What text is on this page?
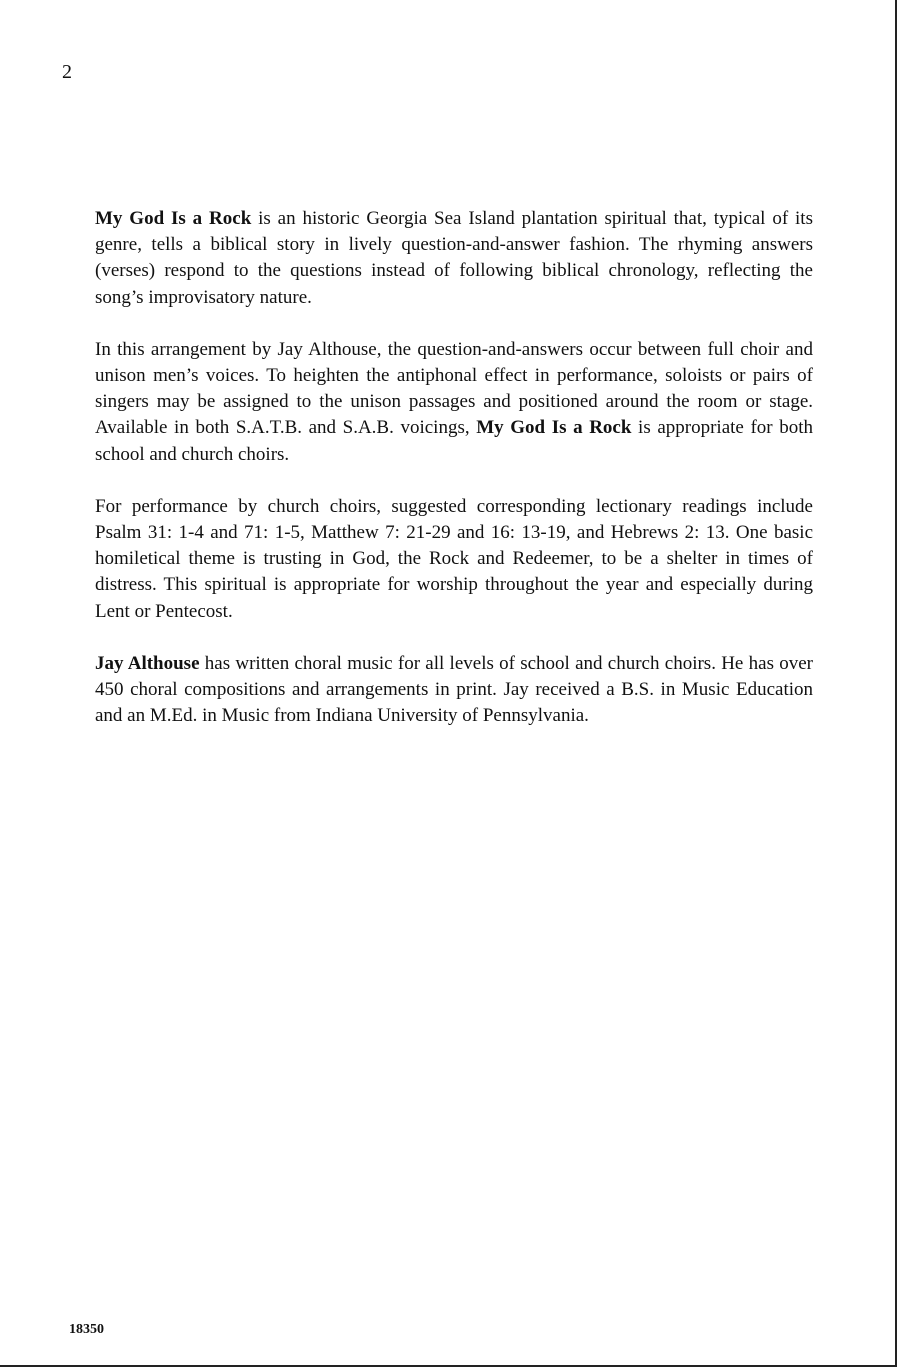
2

My God Is a Rock is an historic Georgia Sea Island plantation spiritual that, typical of its genre, tells a biblical story in lively question-and-answer fashion. The rhyming answers (verses) respond to the questions instead of following biblical chronology, reflecting the song’s improvisatory nature.

In this arrangement by Jay Althouse, the question-and-answers occur between full choir and unison men’s voices. To heighten the antiphonal effect in performance, soloists or pairs of singers may be assigned to the unison passages and positioned around the room or stage. Available in both S.A.T.B. and S.A.B. voicings, My God Is a Rock is appropriate for both school and church choirs.

For performance by church choirs, suggested corresponding lectionary readings include Psalm 31: 1-4 and 71: 1-5, Matthew 7: 21-29 and 16: 13-19, and Hebrews 2: 13. One basic homiletical theme is trusting in God, the Rock and Redeemer, to be a shelter in times of distress. This spiritual is appropriate for worship throughout the year and especially during Lent or Pentecost.

Jay Althouse has written choral music for all levels of school and church choirs. He has over 450 choral compositions and arrangements in print. Jay received a B.S. in Music Education and an M.Ed. in Music from Indiana University of Pennsylvania.

18350
